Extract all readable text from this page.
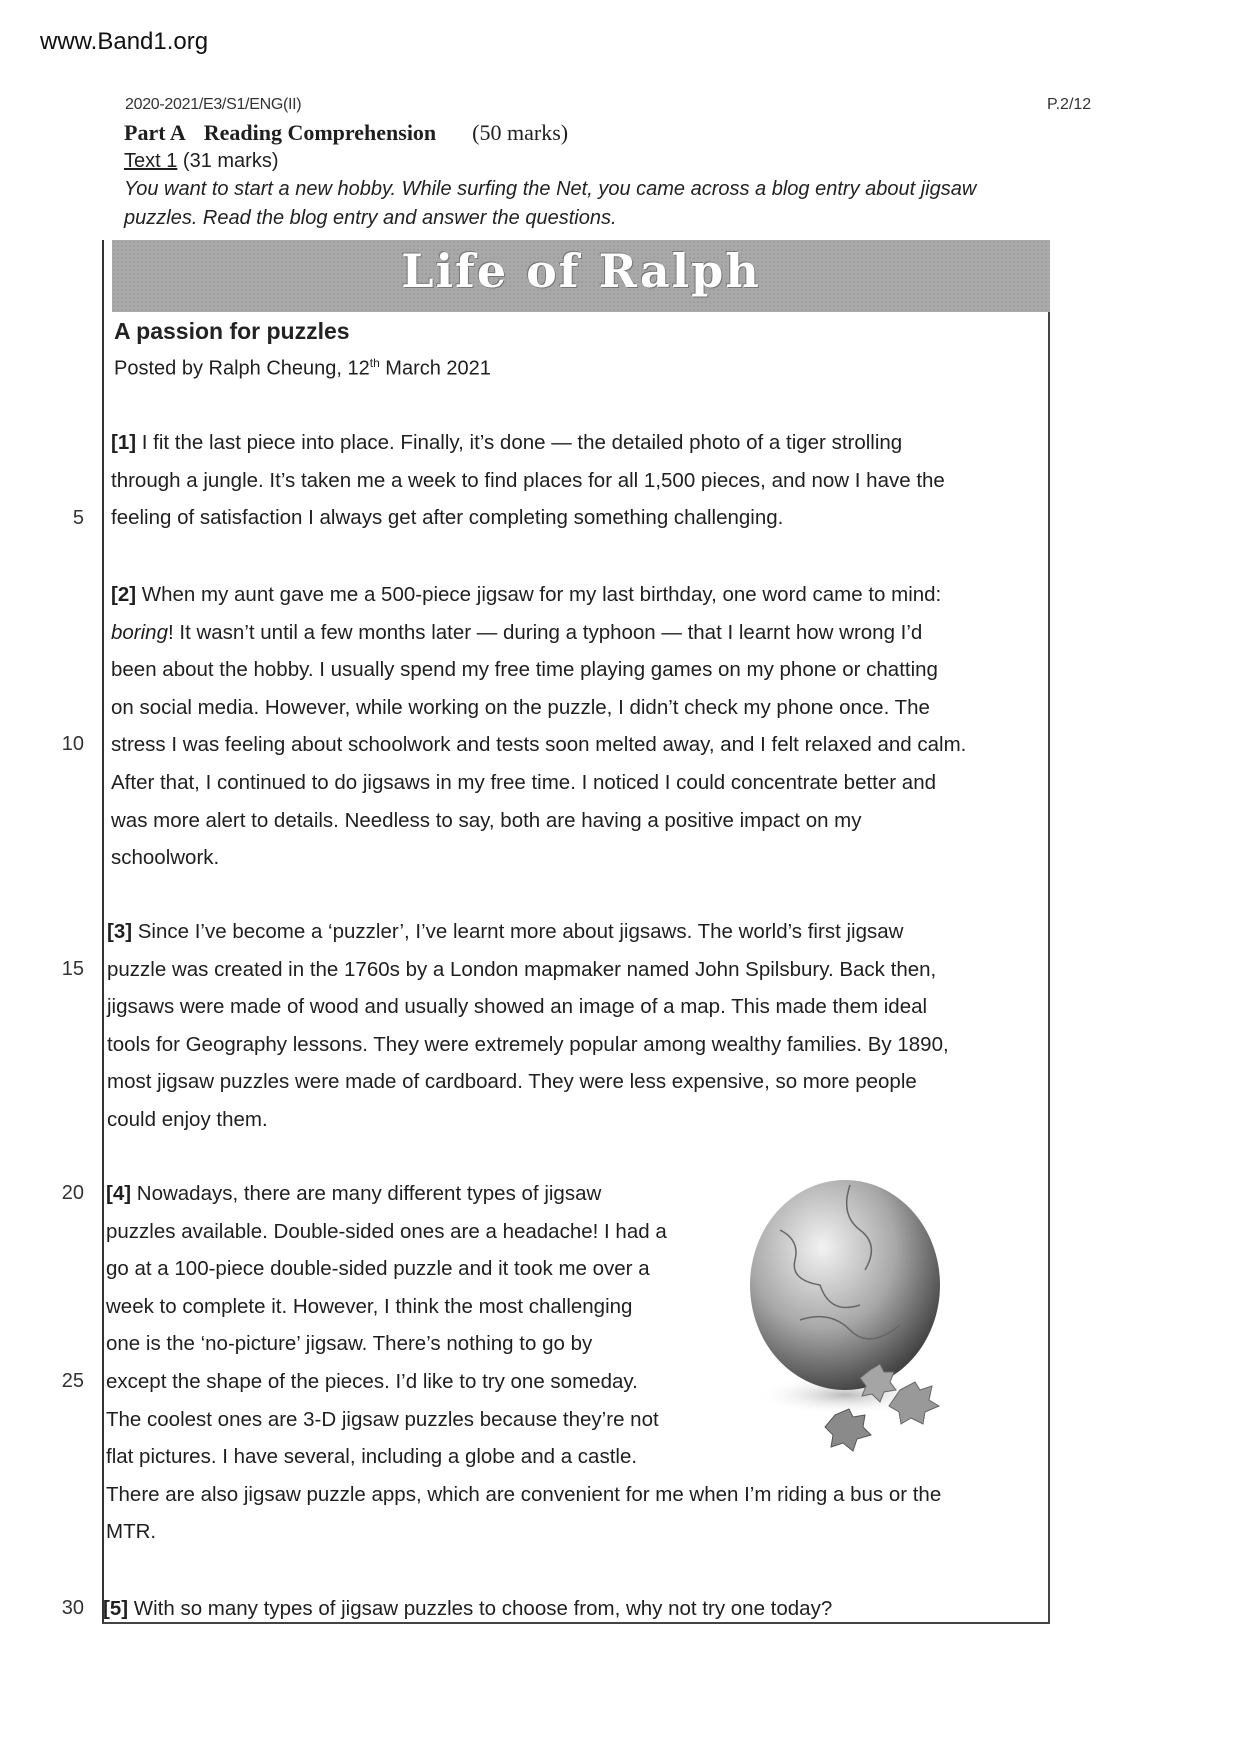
www.Band1.org
2020-2021/E3/S1/ENG(II)	P.2/12
Part A Reading Comprehension (50 marks)
Text 1 (31 marks)
You want to start a new hobby. While surfing the Net, you came across a blog entry about jigsaw
puzzles. Read the blog entry and answer the questions.
Life of Ralph
A passion for puzzles
Posted by Ralph Cheung, 12th March 2021
[1] I fit the last piece into place. Finally, it’s done — the detailed photo of a tiger strolling
through a jungle. It’s taken me a week to find places for all 1,500 pieces, and now I have the
feeling of satisfaction I always get after completing something challenging.
[2] When my aunt gave me a 500-piece jigsaw for my last birthday, one word came to mind:
boring! It wasn’t until a few months later — during a typhoon — that I learnt how wrong I’d
been about the hobby. I usually spend my free time playing games on my phone or chatting
on social media. However, while working on the puzzle, I didn’t check my phone once. The
stress I was feeling about schoolwork and tests soon melted away, and I felt relaxed and calm.
After that, I continued to do jigsaws in my free time. I noticed I could concentrate better and
was more alert to details. Needless to say, both are having a positive impact on my
schoolwork.
[3] Since I’ve become a ‘puzzler’, I’ve learnt more about jigsaws. The world’s first jigsaw
puzzle was created in the 1760s by a London mapmaker named John Spilsbury. Back then,
jigsaws were made of wood and usually showed an image of a map. This made them ideal
tools for Geography lessons. They were extremely popular among wealthy families. By 1890,
most jigsaw puzzles were made of cardboard. They were less expensive, so more people
could enjoy them.
[4] Nowadays, there are many different types of jigsaw
puzzles available. Double-sided ones are a headache! I had a
go at a 100-piece double-sided puzzle and it took me over a
week to complete it. However, I think the most challenging
one is the ‘no-picture’ jigsaw. There’s nothing to go by
except the shape of the pieces. I’d like to try one someday.
The coolest ones are 3-D jigsaw puzzles because they’re not
flat pictures. I have several, including a globe and a castle.
There are also jigsaw puzzle apps, which are convenient for me when I’m riding a bus or the
MTR.
[5] With so many types of jigsaw puzzles to choose from, why not try one today?
5
10
15
20
25
30
